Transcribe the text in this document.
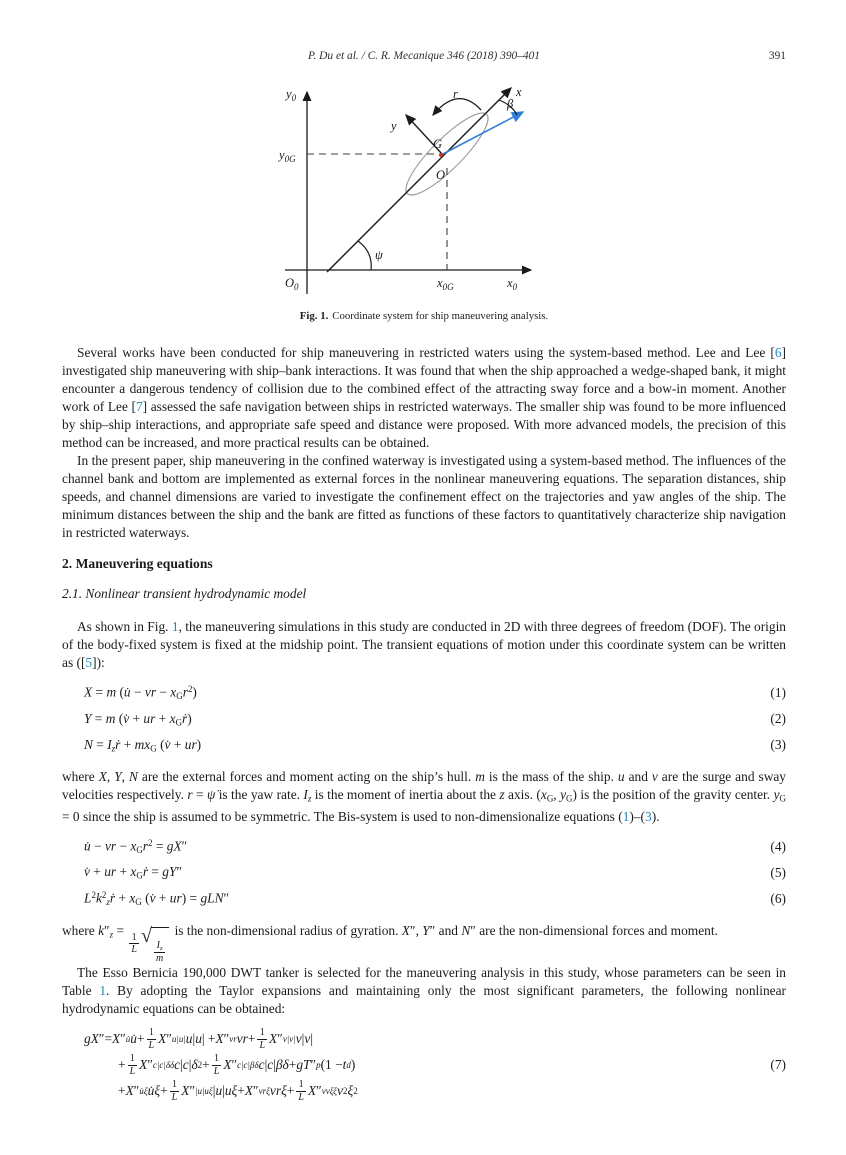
P. Du et al. / C. R. Mecanique 346 (2018) 390–401	391
$y_0$	x
β
r
y
G
O
$y_{0G}$
$O_0$	$x_{0G}$	$x_0$
ψ
Fig. 1. Coordinate system for ship maneuvering analysis.

Several works have been conducted for ship maneuvering in restricted waters using the system-based method. Lee and Lee [6] investigated ship maneuvering with ship–bank interactions. It was found that when the ship approached a wedge-shaped bank, it might encounter a dangerous tendency of collision due to the combined effect of the attracting sway force and a bow-in moment. Another work of Lee [7] assessed the safe navigation between ships in restricted waterways. The smaller ship was found to be more influenced by ship–ship interactions, and appropriate safe speed and distance were proposed. With more advanced models, the precision of this method can be increased, and more practical results can be obtained.

In the present paper, ship maneuvering in the confined waterway is investigated using a system-based method. The influences of the channel bank and bottom are implemented as external forces in the nonlinear maneuvering equations. The separation distances, ship speeds, and channel dimensions are varied to investigate the confinement effect on the trajectories and yaw angles of the ship. The minimum distances between the ship and the bank are fitted as functions of these factors to quantitatively characterize ship navigation in restricted waterways.

2. Maneuvering equations
2.1. Nonlinear transient hydrodynamic model

As shown in Fig. 1, the maneuvering simulations in this study are conducted in 2D with three degrees of freedom (DOF). The origin of the body-fixed system is fixed at the midship point. The transient equations of motion under this coordinate system can be written as ([5]):

X = m (u̇ − vr − $x_Gr^2$)	(1)
Y = m (v̇ + ur + $x_Gṙ$)	(2)
$N = I_zṙ + mx_G$ (v̇ + ur)	(3)

where X, Y, N are the external forces and moment acting on the ship’s hull. m is the mass of the ship. u and v are the surge and sway velocities respectively. r = ψ̇ is the yaw rate. $I_z$ is the moment of inertia about the z axis. ($x_G$, $y_G$) is the position of the gravity center. $y_G = 0$ since the ship is assumed to be symmetric. The Bis-system is used to non-dimensionalize equations (1)–(3).

u̇ − vr − $x_Gr^2 = gX''$	(4)
v̇ + ur + $x_Gṙ = gY''$	(5)
$L^2k^2_zṙ + x_G$ (v̇ + ur) = gLN″	(6)

where $k''_z$ =
$\frac{1}{L}$ √
$\frac{I_z}{m}$
is the non-dimensional radius of gyration. X″, Y″ and N″ are the non-dimensional forces and moment.

The Esso Bernicia 190,000 DWT tanker is selected for the maneuvering analysis in this study, whose parameters can be seen in Table 1. By adopting the Taylor expansions and maintaining only the most significant parameters, the following nonlinear hydrodynamic equations can be obtained:

gX ″ = X ″ u̇ u̇ + $\frac{1}{L}$ X ″ u|u| u | u | + X ″ vr vr + $\frac{1}{L}$ X ″ v|v| v | v |
+ $\frac{1}{L}$ X ″ c|c|δδ c | c | δ $2 + \frac{1}{L}$ X ″ c|c|βδ c | c | βδ + gT ″ p (1 − t d )
+ X ″ u̇ξ u̇ξ + $\frac{1}{L}$ X ″ |u|uξ | u | uξ + X ″ vrξ $vr\xi + \frac{1}{L}$ X ″ vvξξ v 2 ξ 2
(7)
